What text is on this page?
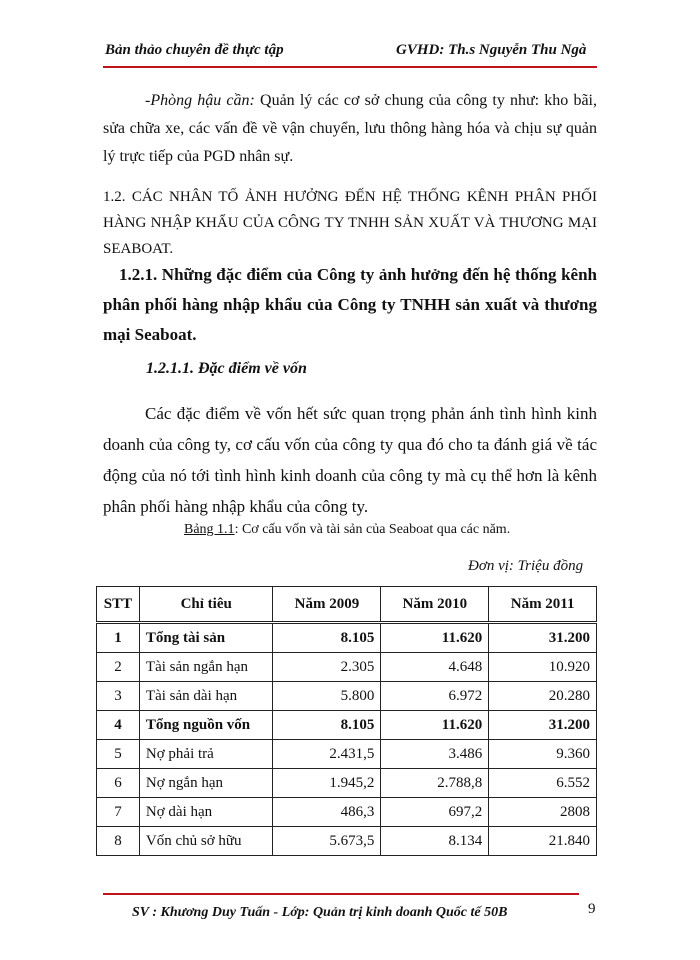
Bản thảo chuyên đề thực tập	GVHD: Th.s Nguyễn Thu Ngà

-Phòng hậu cần: Quản lý các cơ sở chung của công ty như: kho bãi, sửa chữa xe, các vấn đề về vận chuyển, lưu thông hàng hóa và chịu sự quản lý trực tiếp của PGD nhân sự.

1.2. CÁC NHÂN TỐ ẢNH HƯỞNG ĐẾN HỆ THỐNG KÊNH PHÂN PHỐI HÀNG NHẬP KHẨU CỦA CÔNG TY TNHH SẢN XUẤT VÀ THƯƠNG MẠI SEABOAT.
1.2.1. Những đặc điểm của Công ty ảnh hưởng đến hệ thống kênh phân phối hàng nhập khẩu của Công ty TNHH sản xuất và thương mại Seaboat.
1.2.1.1. Đặc điểm về vốn

Các đặc điểm về vốn hết sức quan trọng phản ánh tình hình kinh doanh của công ty, cơ cấu vốn của công ty qua đó cho ta đánh giá về tác động của nó tới tình hình kinh doanh của công ty mà cụ thể hơn là kênh phân phối hàng nhập khẩu của công ty.

Bảng 1.1: Cơ cấu vốn và tài sản của Seaboat qua các năm.
Đơn vị: Triệu đồng
STT	Chỉ tiêu	Năm 2009	Năm 2010	Năm 2011
1	Tổng tài sản	8.105	11.620	31.200
2	Tài sản ngắn hạn	2.305	4.648	10.920
3	Tài sản dài hạn	5.800	6.972	20.280
4	Tổng nguồn vốn	8.105	11.620	31.200
5	Nợ phải trả	2.431,5	3.486	9.360
6	Nợ ngắn hạn	1.945,2	2.788,8	6.552
7	Nợ dài hạn	486,3	697,2	2808
8	Vốn chủ sở hữu	5.673,5	8.134	21.840
SV : Khương Duy Tuấn - Lớp: Quản trị kinh doanh Quốc tế 50B	9
